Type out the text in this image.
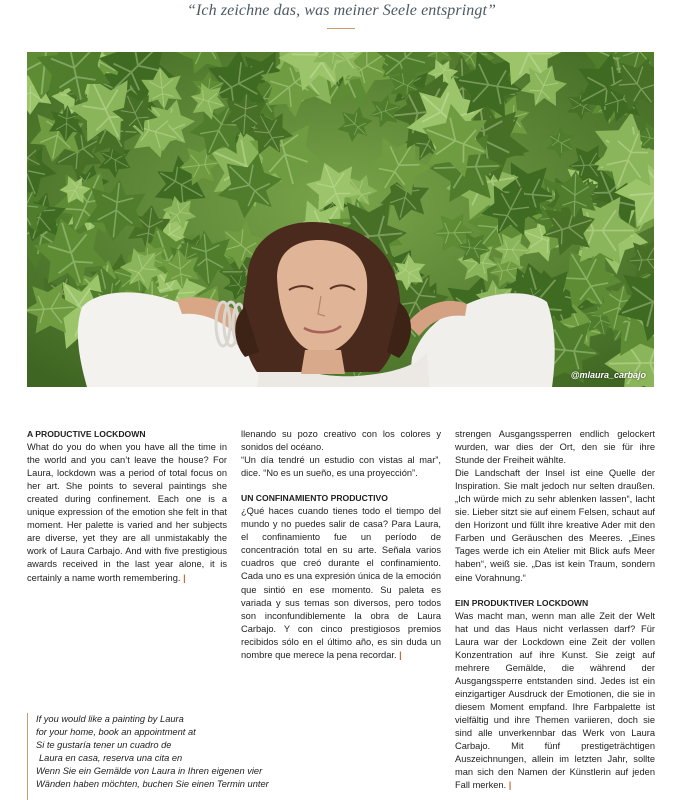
“Ich zeichne das, was meiner Seele entspringt”
@mlaura_carbajo

A PRODUCTIVE LOCKDOWN

What do you do when you have all the time in the world and you can’t leave the house? For Laura, lockdown was a period of total focus on her art. She points to several paintings she created during confinement. Each one is a unique expression of the emotion she felt in that moment. Her palette is varied and her subjects are diverse, yet they are all unmistakably the work of Laura Carbajo. And with five prestigious awards received in the last year alone, it is certainly a name worth remembering. |

llenando su pozo creativo con los colores y sonidos del océano.

“Un día tendré un estudio con vistas al mar”, dice. “No es un sueño, es una proyección”.

UN CONFINAMIENTO PRODUCTIVO

¿Qué haces cuando tienes todo el tiempo del mundo y no puedes salir de casa? Para Laura, el confinamiento fue un período de concentración total en su arte. Señala varios cuadros que creó durante el confinamiento. Cada uno es una expresión única de la emoción que sintió en ese momento. Su paleta es variada y sus temas son diversos, pero todos son inconfundiblemente la obra de Laura Carbajo. Y con cinco prestigiosos premios recibidos sólo en el último año, es sin duda un nombre que merece la pena recordar. |

strengen Ausgangssperren endlich gelockert wurden, war dies der Ort, den sie für ihre Stunde der Freiheit wählte.

Die Landschaft der Insel ist eine Quelle der Inspiration. Sie malt jedoch nur selten draußen. „Ich würde mich zu sehr ablenken lassen“, lacht sie. Lieber sitzt sie auf einem Felsen, schaut auf den Horizont und füllt ihre kreative Ader mit den Farben und Geräuschen des Meeres. „Eines Tages werde ich ein Atelier mit Blick aufs Meer haben“, weiß sie. „Das ist kein Traum, sondern eine Vorahnung.“

EIN PRODUKTIVER LOCKDOWN

Was macht man, wenn man alle Zeit der Welt hat und das Haus nicht verlassen darf? Für Laura war der Lockdown eine Zeit der vollen Konzentration auf ihre Kunst. Sie zeigt auf mehrere Gemälde, die während der Ausgangssperre entstanden sind. Jedes ist ein einzigartiger Ausdruck der Emotionen, die sie in diesem Moment empfand. Ihre Farbpalette ist vielfältig und ihre Themen variieren, doch sie sind alle unverkennbar das Werk von Laura Carbajo. Mit fünf prestigeträchtigen Auszeichnungen, allein im letzten Jahr, sollte man sich den Namen der Künstlerin auf jeden Fall merken. |

If you would like a painting by Laura

for your home, book an appointment at

Si te gustaría tener un cuadro de

Laura en casa, reserva una cita en

Wenn Sie ein Gemälde von Laura in Ihren eigenen vier

Wänden haben möchten, buchen Sie einen Termin unter
